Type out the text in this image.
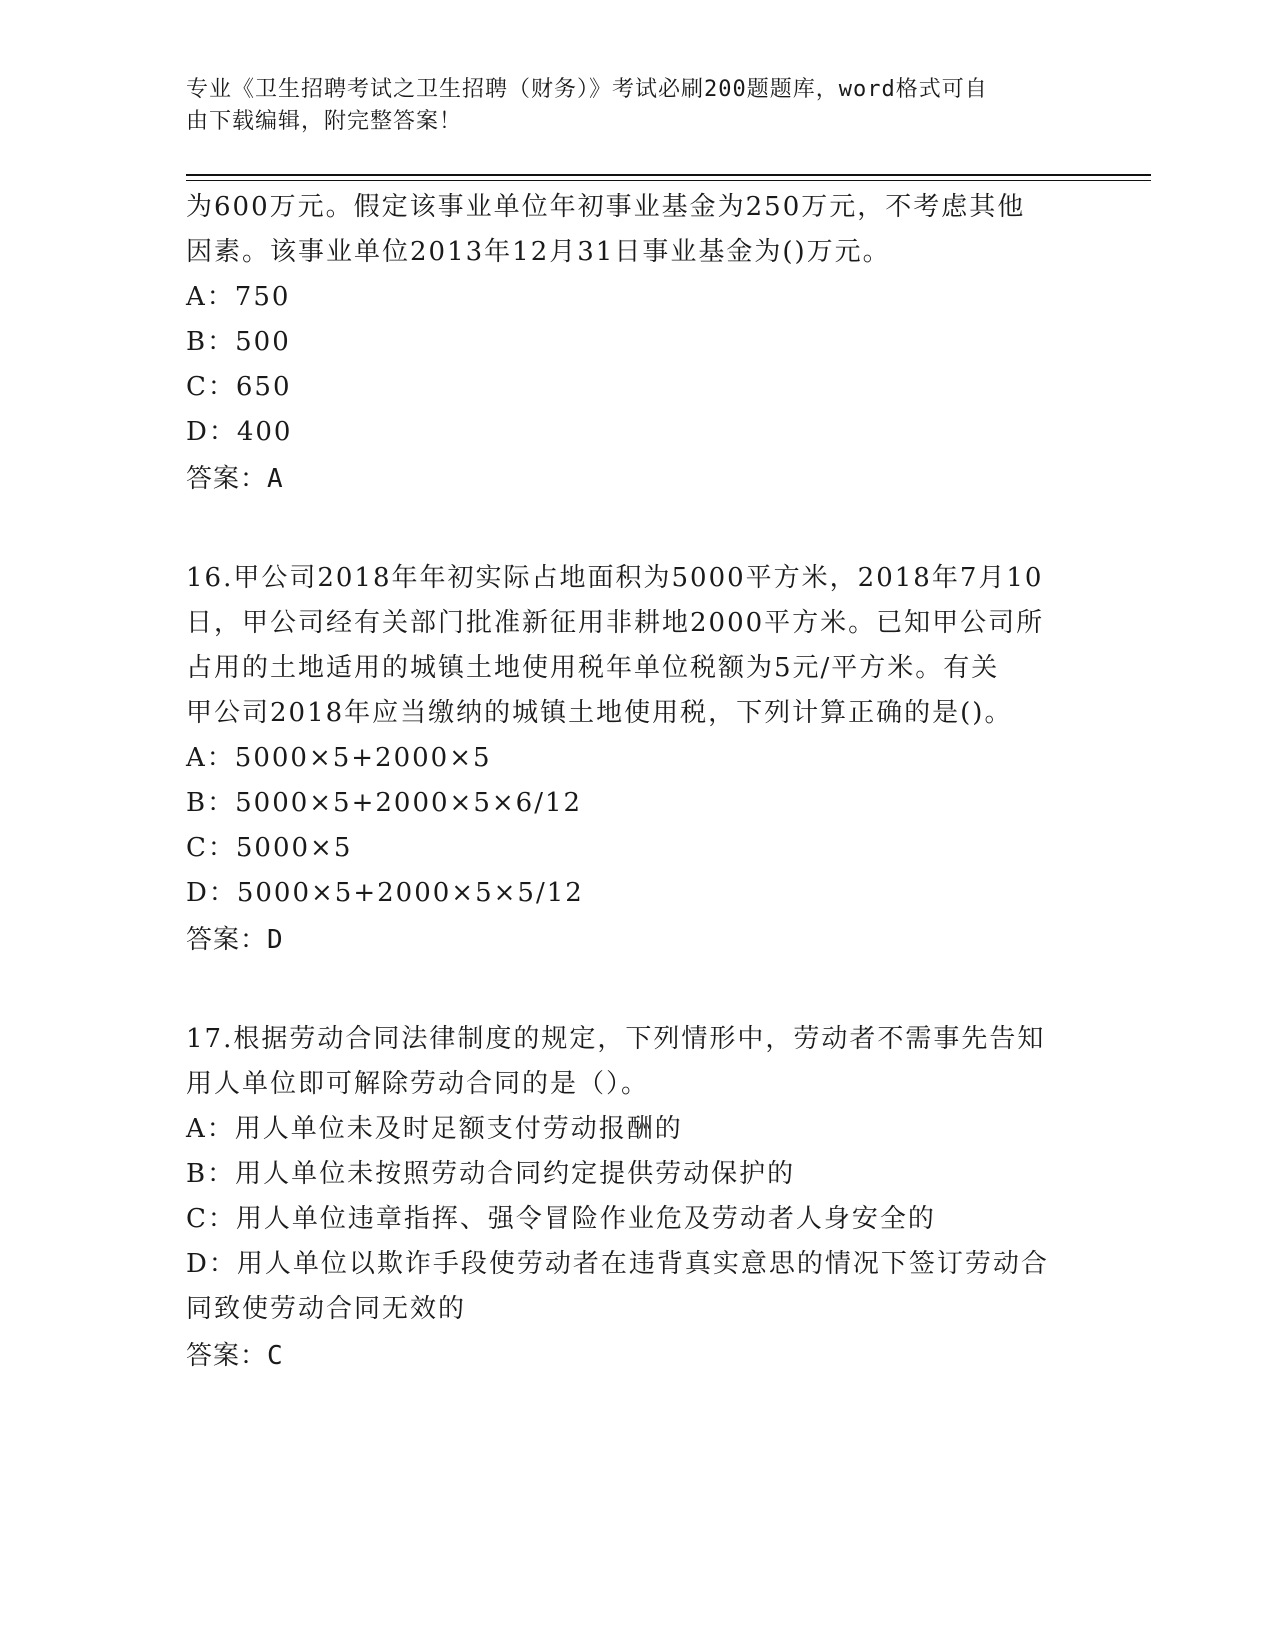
专业《卫生招聘考试之卫生招聘（财务）》考试必刷200题题库，word格式可自
由下载编辑，附完整答案！
为600万元。假定该事业单位年初事业基金为250万元，不考虑其他
因素。该事业单位2013年12月31日事业基金为()万元。
A：750
B：500
C：650
D：400
答案：A
16.甲公司2018年年初实际占地面积为5000平方米，2018年7月10
日，甲公司经有关部门批准新征用非耕地2000平方米。已知甲公司所
占用的土地适用的城镇土地使用税年单位税额为5元/平方米。有关
甲公司2018年应当缴纳的城镇土地使用税，下列计算正确的是()。
A：5000×5+2000×5
B：5000×5+2000×5×6/12
C：5000×5
D：5000×5+2000×5×5/12
答案：D
17.根据劳动合同法律制度的规定，下列情形中，劳动者不需事先告知
用人单位即可解除劳动合同的是（）。
A：用人单位未及时足额支付劳动报酬的
B：用人单位未按照劳动合同约定提供劳动保护的
C：用人单位违章指挥、强令冒险作业危及劳动者人身安全的
D：用人单位以欺诈手段使劳动者在违背真实意思的情况下签订劳动合
同致使劳动合同无效的
答案：C
